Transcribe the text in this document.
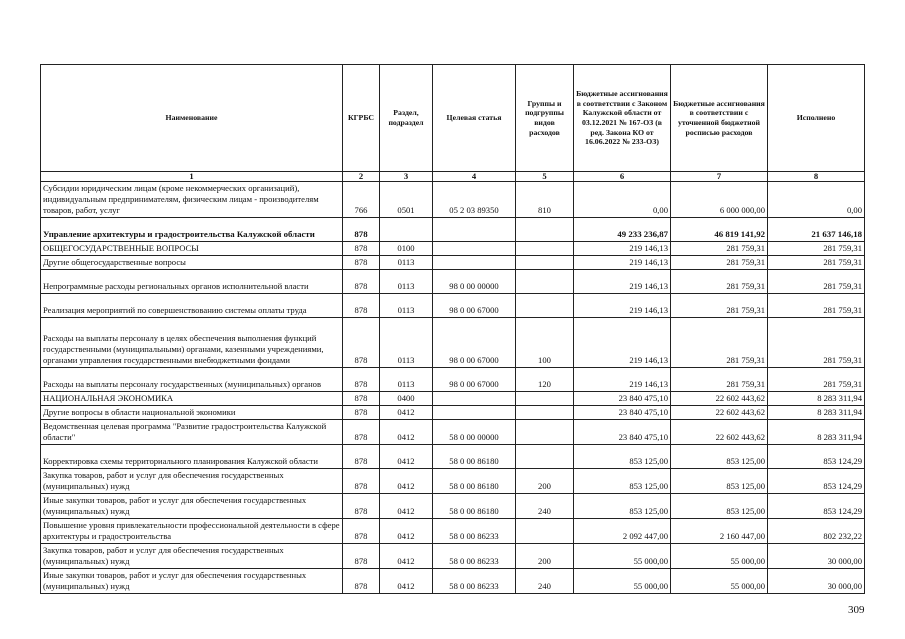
Наименование	КГРБС	Раздел, подраздел	Целевая статья	Группы и подгруппы видов расходов	Бюджетные ассигнования в соответствии с Законом Калужской области от 03.12.2021 № 167-ОЗ (в ред. Закона КО от 16.06.2022 № 233-ОЗ)	Бюджетные ассигнования в соответствии с уточненной бюджетной росписью расходов	Исполнено
1	2	3	4	5	6	7	8
Субсидии юридическим лицам (кроме некоммерческих организаций), индивидуальным предпринимателям, физическим лицам - производителям товаров, работ, услуг	766	0501	05 2 03 89350	810	0,00	6 000 000,00	0,00
Управление архитектуры и градостроительства Калужской области	878				49 233 236,87	46 819 141,92	21 637 146,18
ОБЩЕГОСУДАРСТВЕННЫЕ ВОПРОСЫ	878	0100			219 146,13	281 759,31	281 759,31
Другие общегосударственные вопросы	878	0113			219 146,13	281 759,31	281 759,31
Непрограммные расходы региональных органов исполнительной власти	878	0113	98 0 00 00000		219 146,13	281 759,31	281 759,31
Реализация мероприятий по совершенствованию системы оплаты труда	878	0113	98 0 00 67000		219 146,13	281 759,31	281 759,31
Расходы на выплаты персоналу в целях обеспечения выполнения функций государственными (муниципальными) органами, казенными учреждениями, органами управления государственными внебюджетными фондами	878	0113	98 0 00 67000	100	219 146,13	281 759,31	281 759,31
Расходы на выплаты персоналу государственных (муниципальных) органов	878	0113	98 0 00 67000	120	219 146,13	281 759,31	281 759,31
НАЦИОНАЛЬНАЯ ЭКОНОМИКА	878	0400			23 840 475,10	22 602 443,62	8 283 311,94
Другие вопросы в области национальной экономики	878	0412			23 840 475,10	22 602 443,62	8 283 311,94
Ведомственная целевая программа "Развитие градостроительства Калужской области"	878	0412	58 0 00 00000		23 840 475,10	22 602 443,62	8 283 311,94
Корректировка схемы территориального планирования Калужской области	878	0412	58 0 00 86180		853 125,00	853 125,00	853 124,29
Закупка товаров, работ и услуг для обеспечения государственных (муниципальных) нужд	878	0412	58 0 00 86180	200	853 125,00	853 125,00	853 124,29
Иные закупки товаров, работ и услуг для обеспечения государственных (муниципальных) нужд	878	0412	58 0 00 86180	240	853 125,00	853 125,00	853 124,29
Повышение уровня привлекательности профессиональной деятельности в сфере архитектуры и градостроительства	878	0412	58 0 00 86233		2 092 447,00	2 160 447,00	802 232,22
Закупка товаров, работ и услуг для обеспечения государственных (муниципальных) нужд	878	0412	58 0 00 86233	200	55 000,00	55 000,00	30 000,00
Иные закупки товаров, работ и услуг для обеспечения государственных (муниципальных) нужд	878	0412	58 0 00 86233	240	55 000,00	55 000,00	30 000,00
309
